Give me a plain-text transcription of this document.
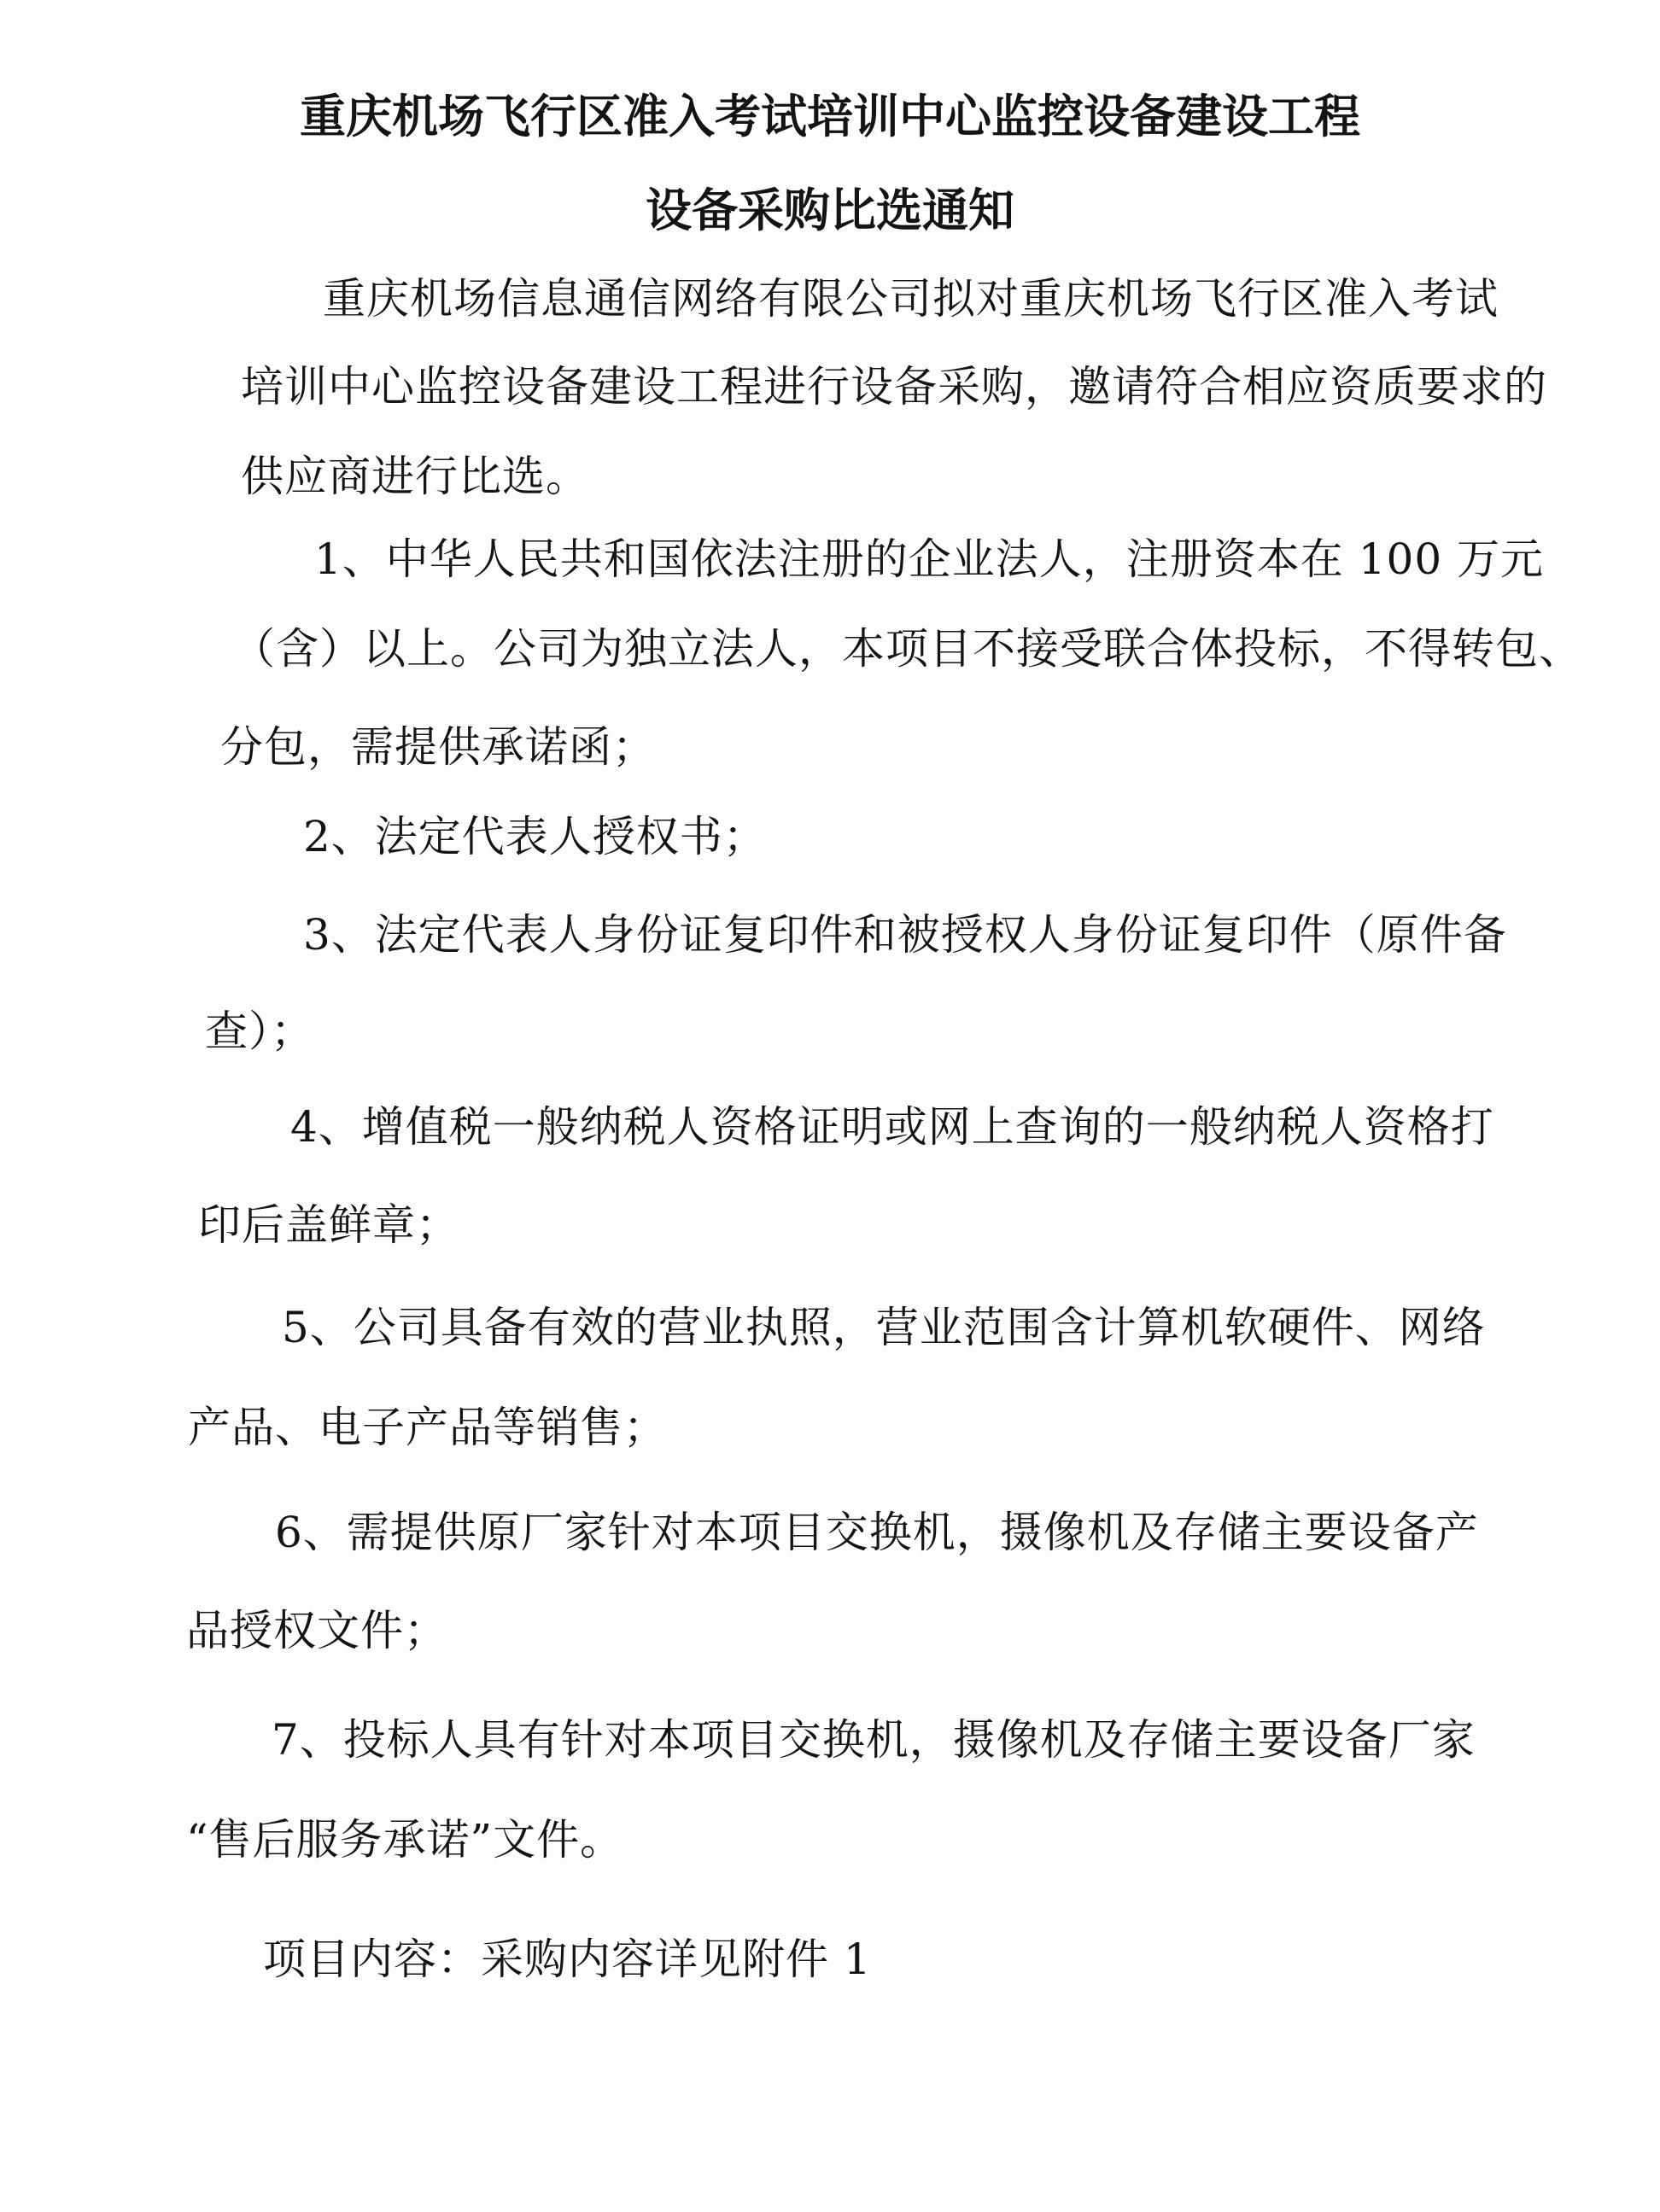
重庆机场飞行区准入考试培训中心监控设备建设工程
设备采购比选通知
重庆机场信息通信网络有限公司拟对重庆机场飞行区准入考试
培训中心监控设备建设工程进行设备采购，邀请符合相应资质要求的
供应商进行比选。
1、中华人民共和国依法注册的企业法人，注册资本在 100 万元
（含）以上。公司为独立法人，本项目不接受联合体投标，不得转包、
分包，需提供承诺函；
2、法定代表人授权书；
3、法定代表人身份证复印件和被授权人身份证复印件（原件备
查）；
4、增值税一般纳税人资格证明或网上查询的一般纳税人资格打
印后盖鲜章；
5、公司具备有效的营业执照，营业范围含计算机软硬件、网络
产品、电子产品等销售；
6、需提供原厂家针对本项目交换机，摄像机及存储主要设备产
品授权文件；
7、投标人具有针对本项目交换机，摄像机及存储主要设备厂家
“售后服务承诺”文件。
项目内容：采购内容详见附件 1
